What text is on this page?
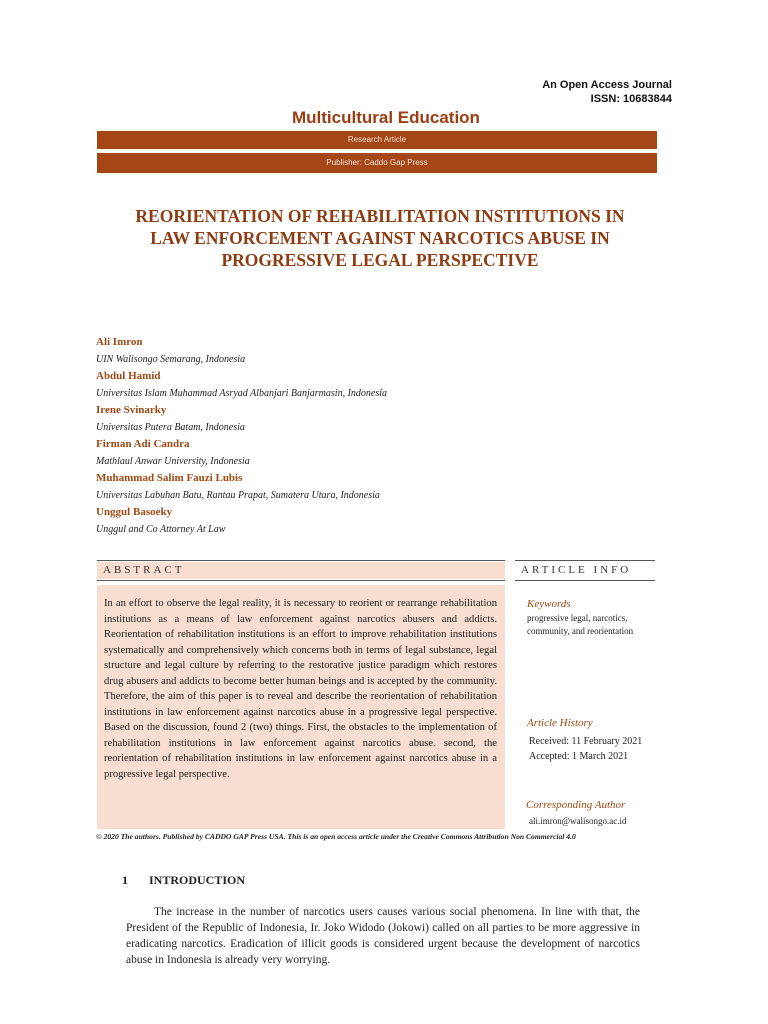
An Open Access Journal
ISSN: 10683844
Multicultural Education
Research Article
Publisher: Caddo Gap Press
REORIENTATION OF REHABILITATION INSTITUTIONS IN
LAW ENFORCEMENT AGAINST NARCOTICS ABUSE IN
PROGRESSIVE LEGAL PERSPECTIVE
Ali Imron
UIN Walisongo Semarang, Indonesia
Abdul Hamid
Universitas Islam Muhammad Asryad Albanjari Banjarmasin, Indonesia
Irene Svinarky
Universitas Putera Batam, Indonesia
Firman Adi Candra
Mathlaul Anwar University, Indonesia
Muhammad Salim Fauzi Lubis
Universitas Labuhan Batu, Rantau Prapat, Sumatera Utara, Indonesia
Unggul Basoeky
Unggul and Co Attorney At Law
ABSTRACT	ARTICLE INFO
In an effort to observe the legal reality, it is necessary to reorient or rearrange rehabilitation institutions as a means of law enforcement against narcotics abusers and addicts. Reorientation of rehabilitation institutions is an effort to improve rehabilitation institutions systematically and comprehensively which concerns both in terms of legal substance, legal structure and legal culture by referring to the restorative justice paradigm which restores drug abusers and addicts to become better human beings and is accepted by the community. Therefore, the aim of this paper is to reveal and describe the reorientation of rehabilitation institutions in law enforcement against narcotics abuse in a progressive legal perspective. Based on the discussion, found 2 (two) things. First, the obstacles to the implementation of rehabilitation institutions in law enforcement against narcotics abuse. second, the reorientation of rehabilitation institutions in law enforcement against narcotics abuse in a progressive legal perspective.
Keywords
progressive legal, narcotics,
community, and reorientation
Article History
Received: 11 February 2021
Accepted: 1 March 2021
Corresponding Author
ali.imron@walisongo.ac.id
© 2020 The authors. Published by CADDO GAP Press USA. This is an open access article under the Creative Commons Attribution Non Commercial 4.0
1 INTRODUCTION
The increase in the number of narcotics users causes various social phenomena. In line with that, the President of the Republic of Indonesia, Ir. Joko Widodo (Jokowi) called on all parties to be more aggressive in eradicating narcotics. Eradication of illicit goods is considered urgent because the development of narcotics abuse in Indonesia is already very worrying.
